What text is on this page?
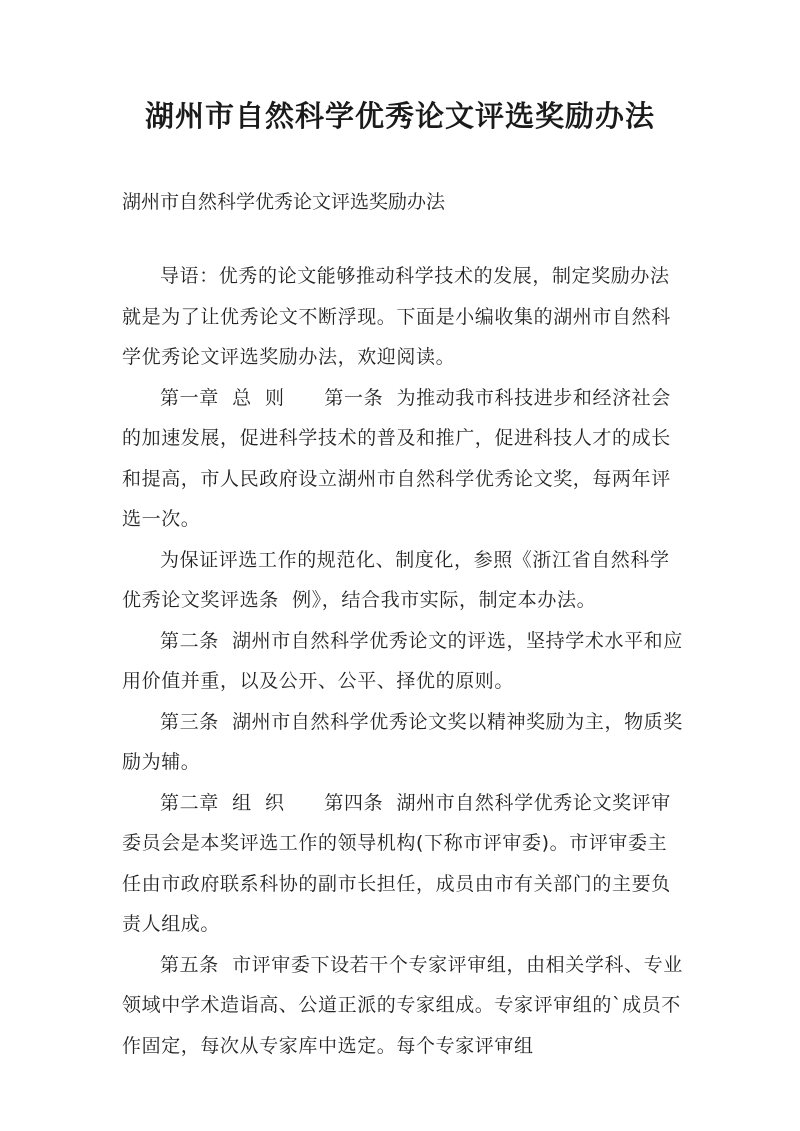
湖州市自然科学优秀论文评选奖励办法
湖州市自然科学优秀论文评选奖励办法

导语：优秀的论文能够推动科学技术的发展，制定奖励办法就是为了让优秀论文不断浮现。下面是小编收集的湖州市自然科学优秀论文评选奖励办法，欢迎阅读。

第一章  总  则      第一条  为推动我市科技进步和经济社会的加速发展，促进科学技术的普及和推广，促进科技人才的成长和提高，市人民政府设立湖州市自然科学优秀论文奖，每两年评选一次。

为保证评选工作的规范化、制度化，参照《浙江省自然科学优秀论文奖评选条  例》，结合我市实际，制定本办法。

第二条  湖州市自然科学优秀论文的评选，坚持学术水平和应用价值并重，以及公开、公平、择优的原则。

第三条  湖州市自然科学优秀论文奖以精神奖励为主，物质奖励为辅。

第二章  组  织      第四条  湖州市自然科学优秀论文奖评审委员会是本奖评选工作的领导机构(下称市评审委)。市评审委主任由市政府联系科协的副市长担任，成员由市有关部门的主要负责人组成。

第五条  市评审委下设若干个专家评审组，由相关学科、专业领域中学术造诣高、公道正派的专家组成。专家评审组的`成员不作固定，每次从专家库中选定。每个专家评审组
